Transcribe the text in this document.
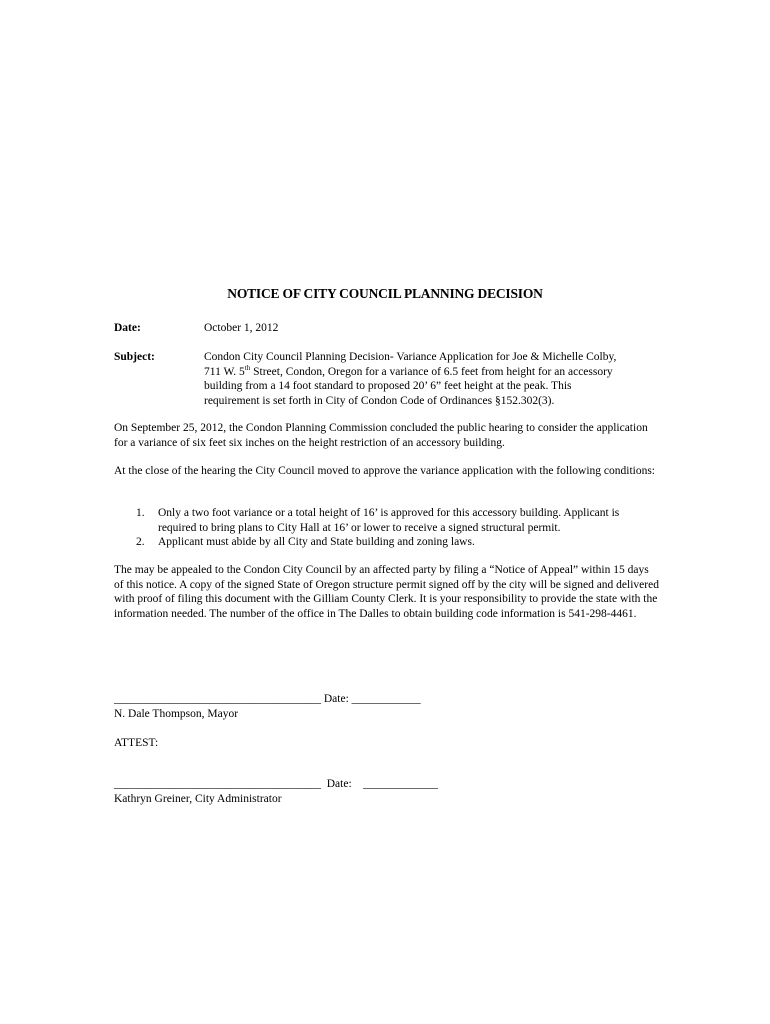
NOTICE OF CITY COUNCIL PLANNING DECISION
Date:	October 1, 2012
Subject:	Condon City Council Planning Decision- Variance Application for Joe & Michelle Colby,
711 W. 5th Street, Condon, Oregon for a variance of 6.5 feet from height for an accessory
building from a 14 foot standard to proposed 20’ 6” feet height at the peak. This
requirement is set forth in City of Condon Code of Ordinances §152.302(3).
On September 25, 2012, the Condon Planning Commission concluded the public hearing to consider the application for a variance of six feet six inches on the height restriction of an accessory building.
At the close of the hearing the City Council moved to approve the variance application with the following conditions:
1. Only a two foot variance or a total height of 16’ is approved for this accessory building. Applicant is required to bring plans to City Hall at 16’ or lower to receive a signed structural permit.
2. Applicant must abide by all City and State building and zoning laws.
The may be appealed to the Condon City Council by an affected party by filing a “Notice of Appeal” within 15 days of this notice. A copy of the signed State of Oregon structure permit signed off by the city will be signed and delivered with proof of filing this document with the Gilliam County Clerk. It is your responsibility to provide the state with the information needed. The number of the office in The Dalles to obtain building code information is 541-298-4461.
____________________________________ Date: ____________
N. Dale Thompson, Mayor
ATTEST:
____________________________________  Date:    _____________
Kathryn Greiner, City Administrator
